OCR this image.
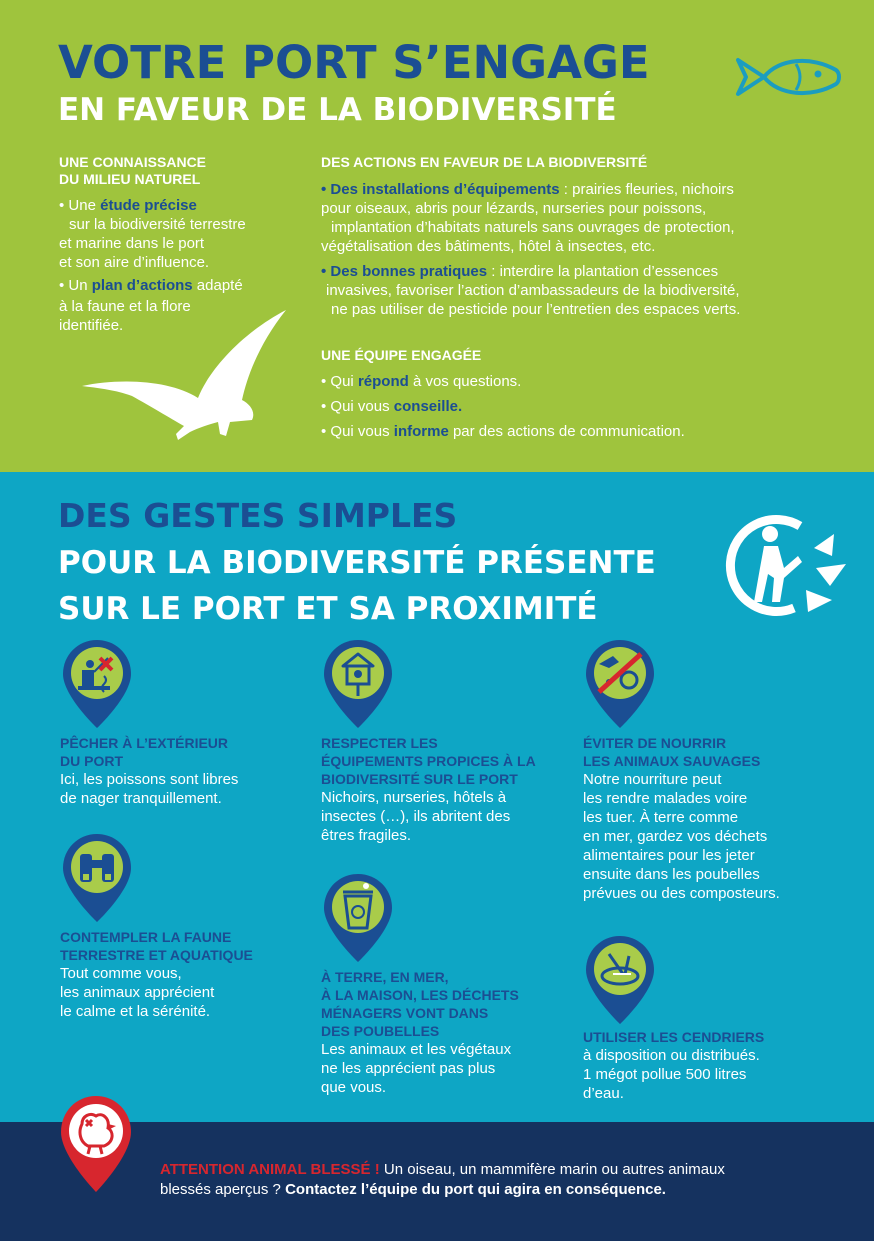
VOTRE PORT S’ENGAGE
EN FAVEUR DE LA BIODIVERSITÉ
UNE CONNAISSANCE
DU MILIEU NATUREL
• Une étude précise
sur la biodiversité terrestre
et marine dans le port
et son aire d’influence.
• Un plan d’actions adapté
à la faune et la flore
identifiée.
DES ACTIONS EN FAVEUR DE LA BIODIVERSITÉ
• Des installations d’équipements : prairies fleuries, nichoirs
pour oiseaux, abris pour lézards, nurseries pour poissons,
implantation d’habitats naturels sans ouvrages de protection,
végétalisation des bâtiments, hôtel à insectes, etc.
• Des bonnes pratiques : interdire la plantation d’essences
invasives, favoriser l’action d’ambassadeurs de la biodiversité,
ne pas utiliser de pesticide pour l’entretien des espaces verts.
UNE ÉQUIPE ENGAGÉE
• Qui répond à vos questions.
• Qui vous conseille.
• Qui vous informe par des actions de communication.
DES GESTES SIMPLES
POUR LA BIODIVERSITÉ PRÉSENTE
SUR LE PORT ET SA PROXIMITÉ
PÊCHER À L’EXTÉRIEUR
DU PORT
Ici, les poissons sont libres
de nager tranquillement.
RESPECTER LES
ÉQUIPEMENTS PROPICES À LA
BIODIVERSITÉ SUR LE PORT
Nichoirs, nurseries, hôtels à
insectes (…), ils abritent des
êtres fragiles.
ÉVITER DE NOURRIR
LES ANIMAUX SAUVAGES
Notre nourriture peut
les rendre malades voire
les tuer. À terre comme
en mer, gardez vos déchets
alimentaires pour les jeter
ensuite dans les poubelles
prévues ou des composteurs.
CONTEMPLER LA FAUNE
TERRESTRE ET AQUATIQUE
Tout comme vous,
les animaux apprécient
le calme et la sérénité.
À TERRE, EN MER,
À LA MAISON, LES DÉCHETS
MÉNAGERS VONT DANS
DES POUBELLES
Les animaux et les végétaux
ne les apprécient pas plus
que vous.
UTILISER LES CENDRIERS
à disposition ou distribués.
1 mégot pollue 500 litres
d’eau.
ATTENTION ANIMAL BLESSÉ ! Un oiseau, un mammifère marin ou autres animaux
blessés aperçus ? Contactez l’équipe du port qui agira en conséquence.
